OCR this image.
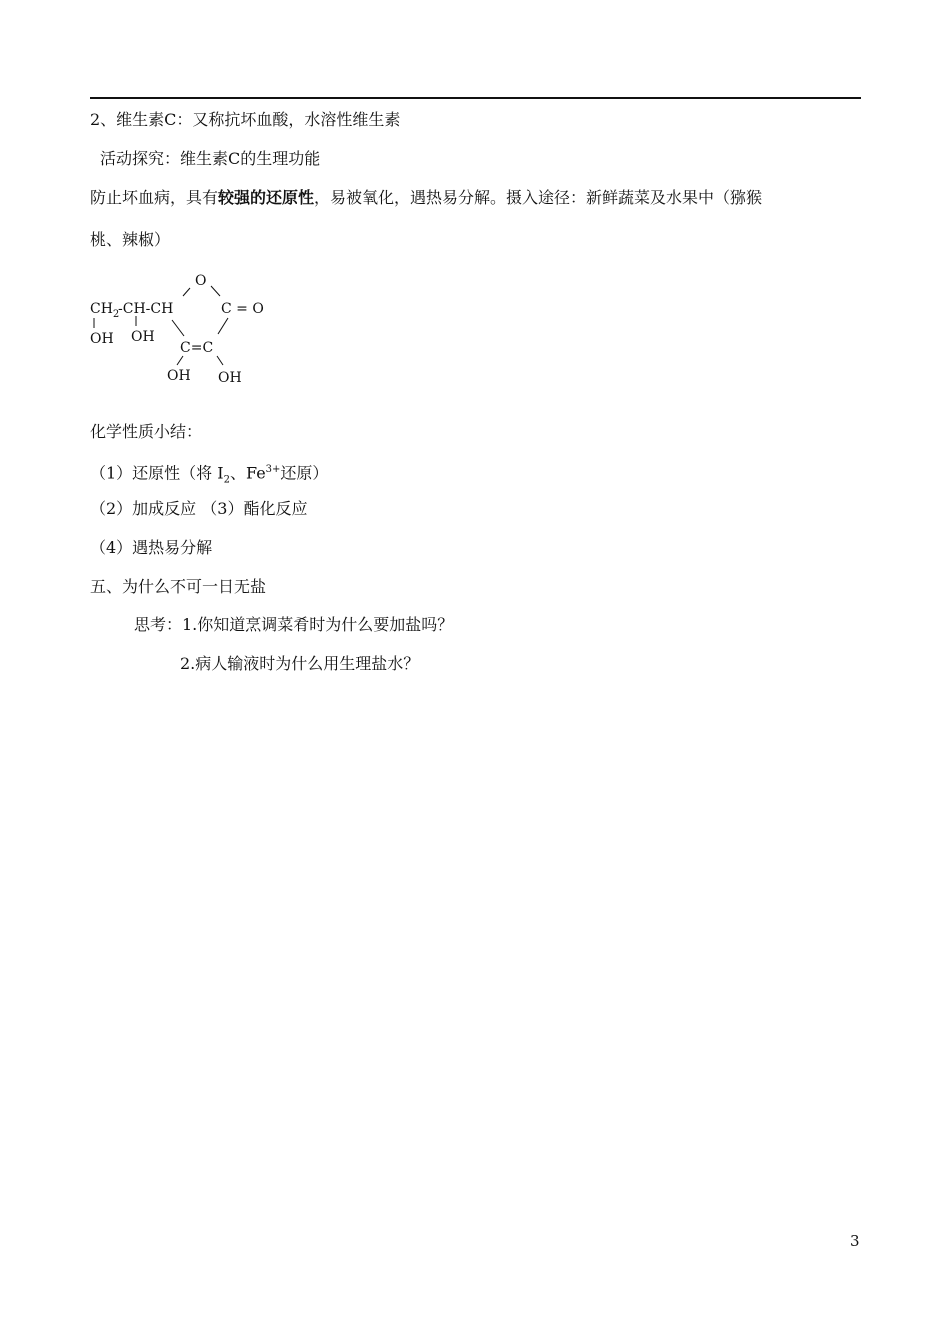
2、维生素C：又称抗坏血酸，水溶性维生素
活动探究：维生素C的生理功能
防止坏血病，具有较强的还原性，易被氧化，遇热易分解。摄入途径：新鲜蔬菜及水果中（猕猴
桃、辣椒）
$CH_2$
-CH-CH
O
C = O
OH OH
C=C
OH OH
化学性质小结：
（1）还原性（将 $I_2$、$Fe^{3+}$还原）
（2）加成反应 （3）酯化反应
（4）遇热易分解
五、为什么不可一日无盐
思考：1.你知道烹调菜肴时为什么要加盐吗？
2.病人输液时为什么用生理盐水？
3
